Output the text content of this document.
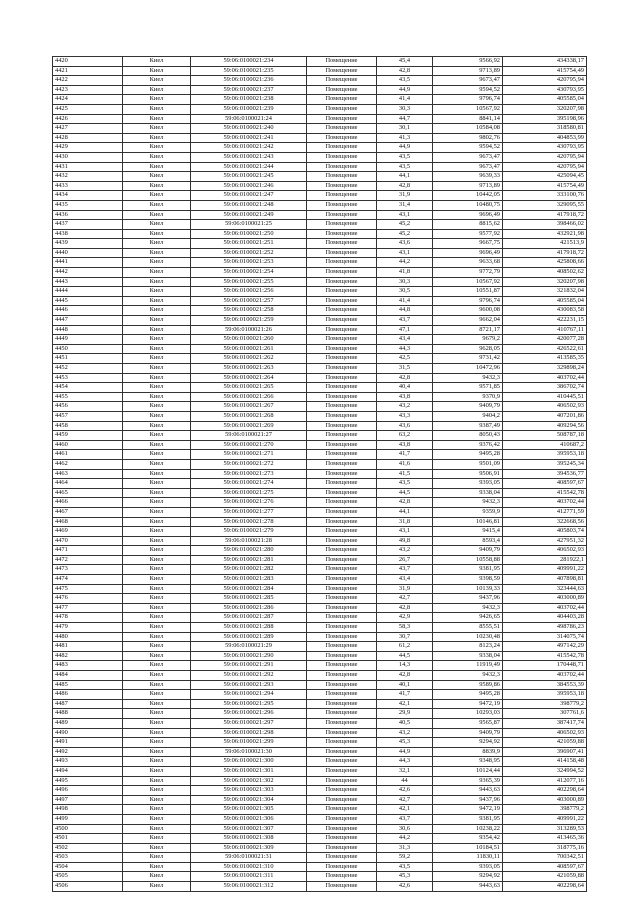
4420	Киел	59:06:0100021:234	Помещение	45,4	9566,92	434338,17
4421	Киел	59:06:0100021:235	Помещение	42,8	9713,89	415754,49
4422	Киел	59:06:0100021:236	Помещение	43,5	9673,47	420795,94
4423	Киел	59:06:0100021:237	Помещение	44,9	9594,52	430793,95
4424	Киел	59:06:0100021:238	Помещение	41,4	9796,74	405585,04
4425	Киел	59:06:0100021:239	Помещение	30,3	10567,92	320207,98
4426	Киел	59:06:0100021:24	Помещение	44,7	8841,14	395198,96
4427	Киел	59:06:0100021:240	Помещение	30,1	10584,08	318580,81
4428	Киел	59:06:0100021:241	Помещение	41,3	9802,76	404853,99
4429	Киел	59:06:0100021:242	Помещение	44,9	9594,52	430793,95
4430	Киел	59:06:0100021:243	Помещение	43,5	9673,47	420795,94
4431	Киел	59:06:0100021:244	Помещение	43,5	9673,47	420795,94
4432	Киел	59:06:0100021:245	Помещение	44,1	9639,33	425094,45
4433	Киел	59:06:0100021:246	Помещение	42,8	9713,89	415754,49
4434	Киел	59:06:0100021:247	Помещение	31,9	10442,05	333100,76
4435	Киел	59:06:0100021:248	Помещение	31,4	10480,75	329095,55
4436	Киел	59:06:0100021:249	Помещение	43,1	9696,49	417918,72
4437	Киел	59:06:0100021:25	Помещение	45,2	8815,62	398466,02
4438	Киел	59:06:0100021:250	Помещение	45,2	9577,92	432921,98
4439	Киел	59:06:0100021:251	Помещение	43,6	9667,75	421513,9
4440	Киел	59:06:0100021:252	Помещение	43,1	9696,49	417918,72
4441	Киел	59:06:0100021:253	Помещение	44,2	9633,68	425808,66
4442	Киел	59:06:0100021:254	Помещение	41,8	9772,79	408502,62
4443	Киел	59:06:0100021:255	Помещение	30,3	10567,92	320207,98
4444	Киел	59:06:0100021:256	Помещение	30,5	10551,87	321832,04
4445	Киел	59:06:0100021:257	Помещение	41,4	9796,74	405585,04
4446	Киел	59:06:0100021:258	Помещение	44,8	9600,08	430083,58
4447	Киел	59:06:0100021:259	Помещение	43,7	9662,04	422231,15
4448	Киел	59:06:0100021:26	Помещение	47,1	8721,17	410767,11
4449	Киел	59:06:0100021:260	Помещение	43,4	9679,2	420077,28
4450	Киел	59:06:0100021:261	Помещение	44,3	9628,05	426522,61
4451	Киел	59:06:0100021:262	Помещение	42,5	9731,42	413585,35
4452	Киел	59:06:0100021:263	Помещение	31,5	10472,96	329898,24
4453	Киел	59:06:0100021:264	Помещение	42,8	9432,3	403702,44
4454	Киел	59:06:0100021:265	Помещение	40,4	9571,85	386702,74
4455	Киел	59:06:0100021:266	Помещение	43,8	9370,9	410445,51
4456	Киел	59:06:0100021:267	Помещение	43,2	9409,79	406502,93
4457	Киел	59:06:0100021:268	Помещение	43,3	9404,2	407201,86
4458	Киел	59:06:0100021:269	Помещение	43,6	9387,49	409294,56
4459	Киел	59:06:0100021:27	Помещение	63,2	8050,43	508787,18
4460	Киел	59:06:0100021:270	Помещение	43,8	9376,42	410687,2
4461	Киел	59:06:0100021:271	Помещение	41,7	9495,28	395953,18
4462	Киел	59:06:0100021:272	Помещение	41,6	9501,09	395245,34
4463	Киел	59:06:0100021:273	Помещение	41,5	9506,91	394536,77
4464	Киел	59:06:0100021:274	Помещение	43,5	9393,05	408597,67
4465	Киел	59:06:0100021:275	Помещение	44,5	9338,04	415542,78
4466	Киел	59:06:0100021:276	Помещение	42,8	9432,3	403702,44
4467	Киел	59:06:0100021:277	Помещение	44,1	9359,9	412771,59
4468	Киел	59:06:0100021:278	Помещение	31,8	10146,81	322668,56
4469	Киел	59:06:0100021:279	Помещение	43,1	9415,4	405803,74
4470	Киел	59:06:0100021:28	Помещение	49,8	8593,4	427951,32
4471	Киел	59:06:0100021:280	Помещение	43,2	9409,79	406502,93
4472	Киел	59:06:0100021:281	Помещение	26,7	10558,88	281922,1
4473	Киел	59:06:0100021:282	Помещение	43,7	9381,95	409991,22
4474	Киел	59:06:0100021:283	Помещение	43,4	9398,59	407898,81
4475	Киел	59:06:0100021:284	Помещение	31,9	10139,33	323444,63
4476	Киел	59:06:0100021:285	Помещение	42,7	9437,96	403000,89
4477	Киел	59:06:0100021:286	Помещение	42,8	9432,3	403702,44
4478	Киел	59:06:0100021:287	Помещение	42,9	9426,65	404403,28
4479	Киел	59:06:0100021:288	Помещение	58,3	8555,51	498786,23
4480	Киел	59:06:0100021:289	Помещение	30,7	10230,48	314075,74
4481	Киел	59:06:0100021:29	Помещение	61,2	8123,24	497142,29
4482	Киел	59:06:0100021:290	Помещение	44,5	9338,04	415542,78
4483	Киел	59:06:0100021:291	Помещение	14,3	11919,49	170448,71
4484	Киел	59:06:0100021:292	Помещение	42,8	9432,3	403702,44
4485	Киел	59:06:0100021:293	Помещение	40,1	9589,86	384553,39
4486	Киел	59:06:0100021:294	Помещение	41,7	9495,28	395953,18
4487	Киел	59:06:0100021:295	Помещение	42,1	9472,19	398779,2
4488	Киел	59:06:0100021:296	Помещение	29,9	10293,03	307761,6
4489	Киел	59:06:0100021:297	Помещение	40,5	9565,87	387417,74
4490	Киел	59:06:0100021:298	Помещение	43,2	9409,79	406502,93
4491	Киел	59:06:0100021:299	Помещение	45,3	9294,92	421059,88
4492	Киел	59:06:0100021:30	Помещение	44,9	8839,9	396907,41
4493	Киел	59:06:0100021:300	Помещение	44,3	9348,95	414158,48
4494	Киел	59:06:0100021:301	Помещение	32,1	10124,44	324994,52
4495	Киел	59:06:0100021:302	Помещение	44	9365,39	412077,16
4496	Киел	59:06:0100021:303	Помещение	42,6	9443,63	402298,64
4497	Киел	59:06:0100021:304	Помещение	42,7	9437,96	403000,89
4498	Киел	59:06:0100021:305	Помещение	42,1	9472,19	398779,2
4499	Киел	59:06:0100021:306	Помещение	43,7	9381,95	409991,22
4500	Киел	59:06:0100021:307	Помещение	30,6	10238,22	313289,53
4501	Киел	59:06:0100021:308	Помещение	44,2	9354,42	413465,36
4502	Киел	59:06:0100021:309	Помещение	31,3	10184,51	318775,16
4503	Киел	59:06:0100021:31	Помещение	59,2	11830,11	700342,51
4504	Киел	59:06:0100021:310	Помещение	43,5	9393,05	408597,67
4505	Киел	59:06:0100021:311	Помещение	45,3	9294,92	421059,88
4506	Киел	59:06:0100021:312	Помещение	42,6	9443,63	402298,64
